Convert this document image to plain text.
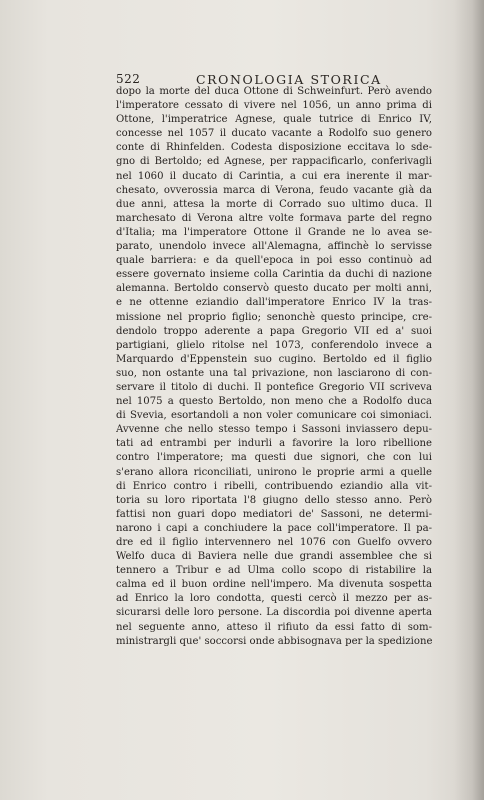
522	CRONOLOGIA STORICA
dopo la morte del duca Ottone di Schweinfurt. Però avendo
l'imperatore cessato di vivere nel 1056, un anno prima di
Ottone, l'imperatrice Agnese, quale tutrice di Enrico IV,
concesse nel 1057 il ducato vacante a Rodolfo suo genero
conte di Rhinfelden. Codesta disposizione eccitava lo sde-
gno di Bertoldo; ed Agnese, per rappacificarlo, conferivagli
nel 1060 il ducato di Carintia, a cui era inerente il mar-
chesato, ovverossia marca di Verona, feudo vacante già da
due anni, attesa la morte di Corrado suo ultimo duca. Il
marchesato di Verona altre volte formava parte del regno
d'Italia; ma l'imperatore Ottone il Grande ne lo avea se-
parato, unendolo invece all'Alemagna, affinchè lo servisse
quale barriera: e da quell'epoca in poi esso continuò ad
essere governato insieme colla Carintia da duchi di nazione
alemanna. Bertoldo conservò questo ducato per molti anni,
e ne ottenne eziandio dall'imperatore Enrico IV la tras-
missione nel proprio figlio; senonchè questo principe, cre-
dendolo troppo aderente a papa Gregorio VII ed a' suoi
partigiani, glielo ritolse nel 1073, conferendolo invece a
Marquardo d'Eppenstein suo cugino. Bertoldo ed il figlio
suo, non ostante una tal privazione, non lasciarono di con-
servare il titolo di duchi. Il pontefice Gregorio VII scriveva
nel 1075 a questo Bertoldo, non meno che a Rodolfo duca
di Svevia, esortandoli a non voler comunicare coi simoniaci.
Avvenne che nello stesso tempo i Sassoni inviassero depu-
tati ad entrambi per indurli a favorire la loro ribellione
contro l'imperatore; ma questi due signori, che con lui
s'erano allora riconciliati, unirono le proprie armi a quelle
di Enrico contro i ribelli, contribuendo eziandio alla vit-
toria su loro riportata l'8 giugno dello stesso anno. Però
fattisi non guari dopo mediatori de' Sassoni, ne determi-
narono i capi a conchiudere la pace coll'imperatore. Il pa-
dre ed il figlio intervennero nel 1076 con Guelfo ovvero
Welfo duca di Baviera nelle due grandi assemblee che si
tennero a Tribur e ad Ulma collo scopo di ristabilire la
calma ed il buon ordine nell'impero. Ma divenuta sospetta
ad Enrico la loro condotta, questi cercò il mezzo per as-
sicurarsi delle loro persone. La discordia poi divenne aperta
nel seguente anno, atteso il rifiuto da essi fatto di som-
ministrargli que' soccorsi onde abbisognava per la spedizione
